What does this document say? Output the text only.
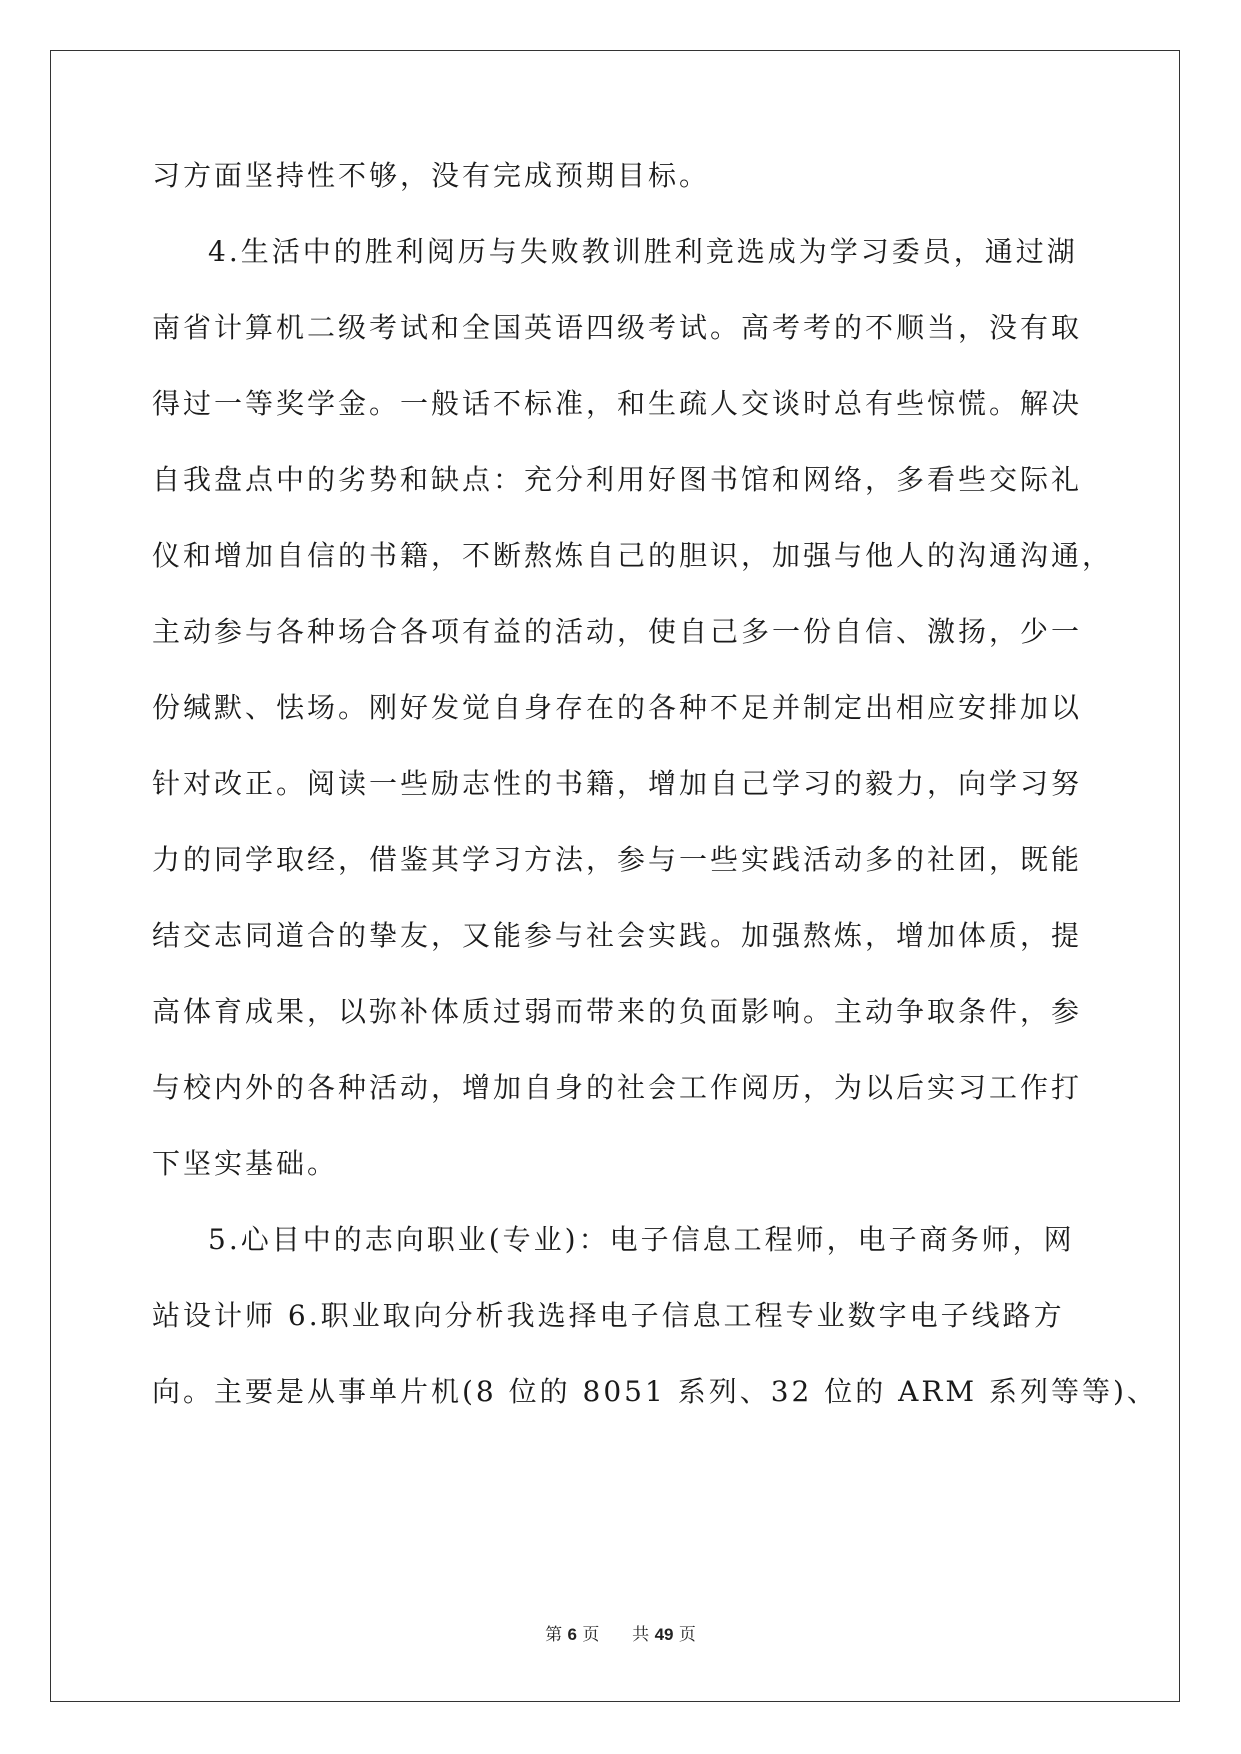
习方面坚持性不够，没有完成预期目标。
4.生活中的胜利阅历与失败教训胜利竞选成为学习委员，通过湖
南省计算机二级考试和全国英语四级考试。高考考的不顺当，没有取
得过一等奖学金。一般话不标准，和生疏人交谈时总有些惊慌。解决
自我盘点中的劣势和缺点：充分利用好图书馆和网络，多看些交际礼
仪和增加自信的书籍，不断熬炼自己的胆识，加强与他人的沟通沟通，
主动参与各种场合各项有益的活动，使自己多一份自信、激扬，少一
份缄默、怯场。刚好发觉自身存在的各种不足并制定出相应安排加以
针对改正。阅读一些励志性的书籍，增加自己学习的毅力，向学习努
力的同学取经，借鉴其学习方法，参与一些实践活动多的社团，既能
结交志同道合的挚友，又能参与社会实践。加强熬炼，增加体质，提
高体育成果，以弥补体质过弱而带来的负面影响。主动争取条件，参
与校内外的各种活动，增加自身的社会工作阅历，为以后实习工作打
下坚实基础。
5.心目中的志向职业(专业)：电子信息工程师，电子商务师，网
站设计师 6.职业取向分析我选择电子信息工程专业数字电子线路方
向。主要是从事单片机(8 位的 8051 系列、32 位的 ARM 系列等等)、
第 6 页 共 49 页
